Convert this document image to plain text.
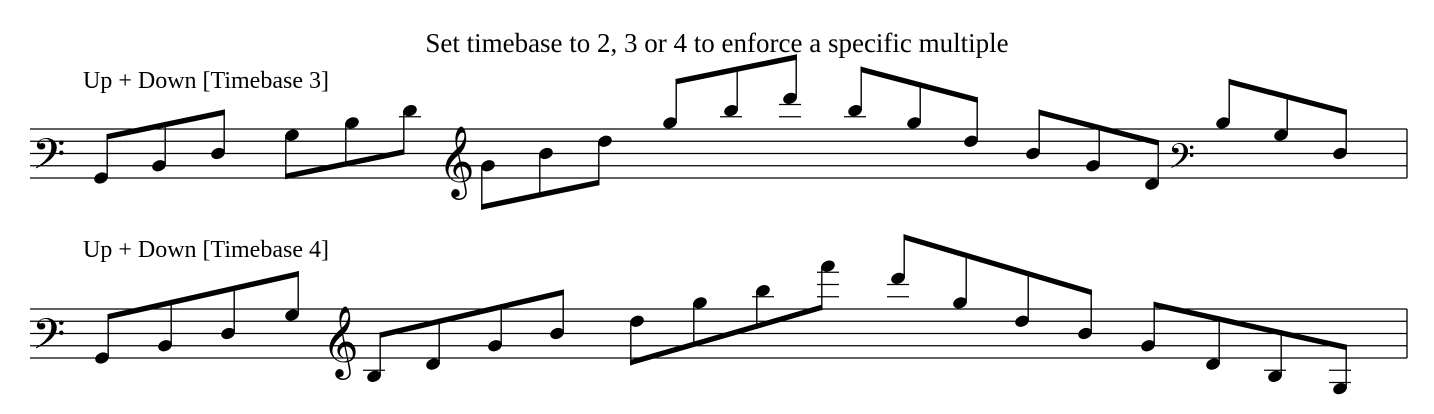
Set timebase to 2, 3 or 4 to enforce a specific multiple
Up + Down [Timebase 3]
Up + Down [Timebase 4]
𝄢	𝄞	𝄢
𝄢	𝄞
